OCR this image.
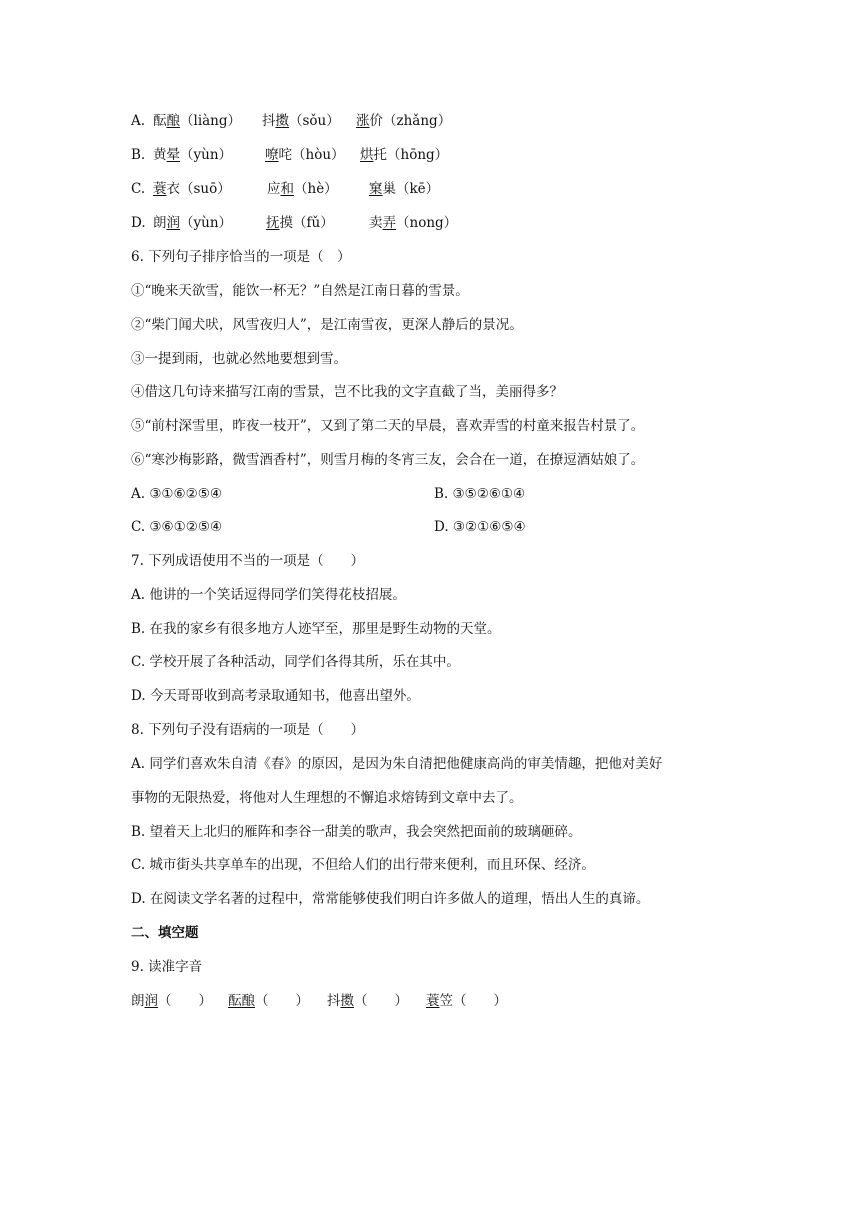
A. 酝酿（liàng） 抖擞（sǒu） 涨价（zhǎng）
B. 黄晕（yùn） 嘹咤（hòu） 烘托（hōng）
C. 蓑衣（suō）	应和（hè） 窠巢（kē）
D. 朗润（yùn）	抚摸（fǔ）	卖弄（nong）
6. 下列句子排序恰当的一项是（　）
①“晚来天欲雪，能饮一杯无？”自然是江南日暮的雪景。
②“柴门闻犬吠，风雪夜归人”，是江南雪夜，更深人静后的景况。
③一提到雨，也就必然地要想到雪。
④借这几句诗来描写江南的雪景，岂不比我的文字直截了当，美丽得多？
⑤“前村深雪里，昨夜一枝开”，又到了第二天的早晨，喜欢弄雪的村童来报告村景了。
⑥“寒沙梅影路，微雪酒香村”，则雪月梅的冬宵三友，会合在一道，在撩逗酒姑娘了。
A. ③①⑥②⑤④	B. ③⑤②⑥①④
C. ③⑥①②⑤④	D. ③②①⑥⑤④
7. 下列成语使用不当的一项是（　　）
A. 他讲的一个笑话逗得同学们笑得花枝招展。
B. 在我的家乡有很多地方人迹罕至，那里是野生动物的天堂。
C. 学校开展了各种活动，同学们各得其所，乐在其中。
D. 今天哥哥收到高考录取通知书，他喜出望外。
8. 下列句子没有语病的一项是（　　）
A. 同学们喜欢朱自清《春》的原因，是因为朱自清把他健康高尚的审美情趣，把他对美好
事物的无限热爱，将他对人生理想的不懈追求熔铸到文章中去了。
B. 望着天上北归的雁阵和李谷一甜美的歌声，我会突然把面前的玻璃砸碎。
C. 城市街头共享单车的出现，不但给人们的出行带来便利，而且环保、经济。
D. 在阅读文学名著的过程中，常常能够使我们明白许多做人的道理，悟出人生的真谛。
二、填空题
9. 读准字音
朗润（　　） 酝酿（　　） 抖擞（　　） 蓑笠（　　）
